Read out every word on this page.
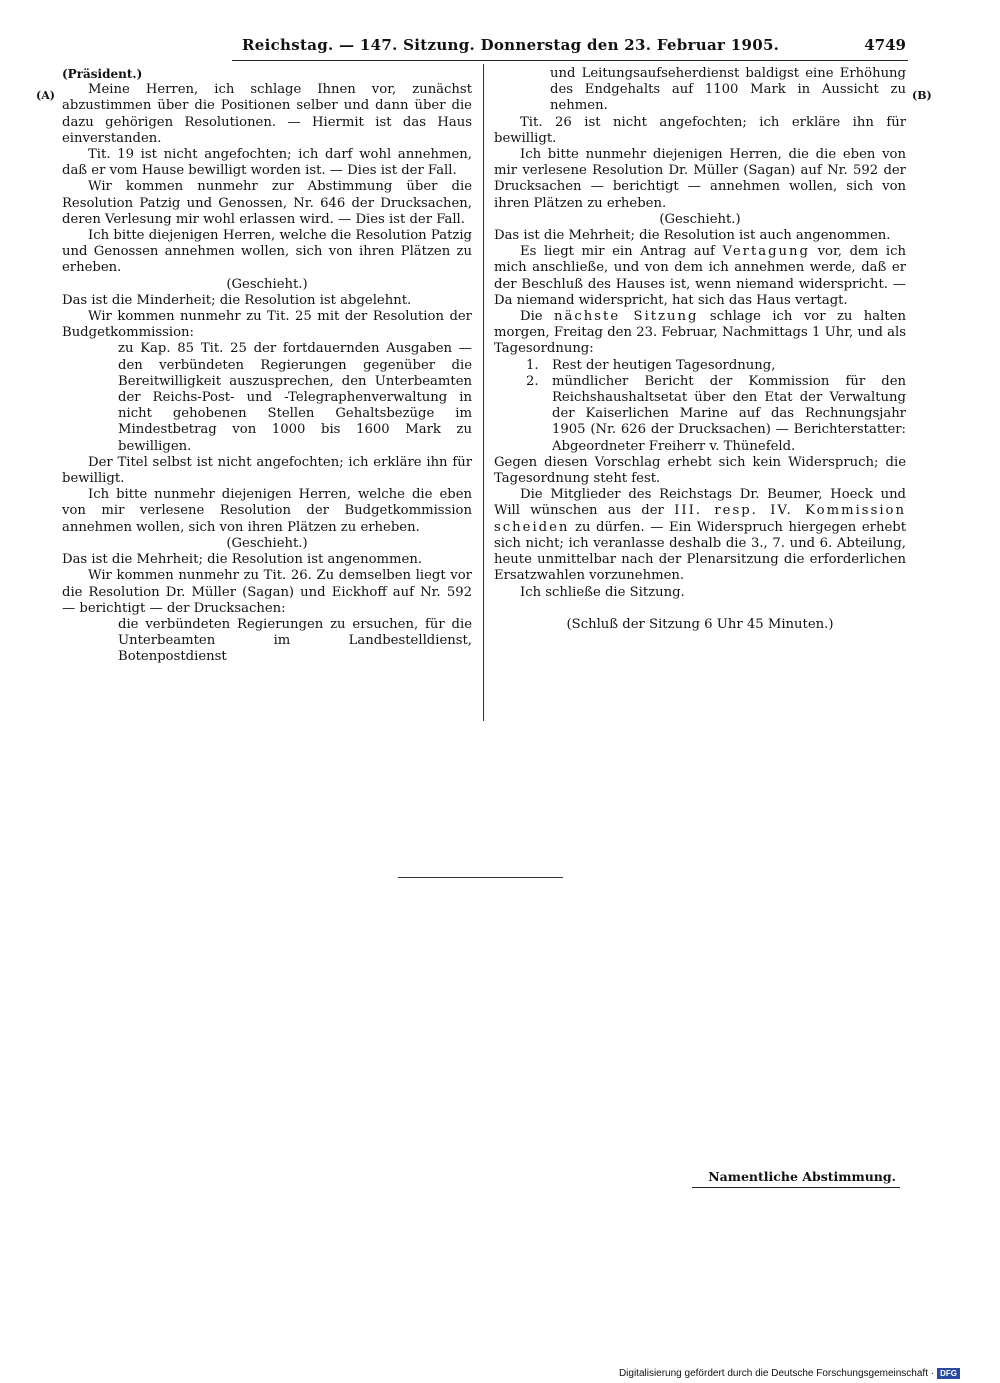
Reichstag. — 147. Sitzung. Donnerstag den 23. Februar 1905.	4749
(A)	(B)

(Präsident.)

Meine Herren, ich schlage Ihnen vor, zunächst abzustimmen über die Positionen selber und dann über die dazu gehörigen Resolutionen. — Hiermit ist das Haus einverstanden.

Tit. 19 ist nicht angefochten; ich darf wohl annehmen, daß er vom Hause bewilligt worden ist. — Dies ist der Fall.

Wir kommen nunmehr zur Abstimmung über die Resolution Patzig und Genossen, Nr. 646 der Drucksachen, deren Verlesung mir wohl erlassen wird. — Dies ist der Fall.

Ich bitte diejenigen Herren, welche die Resolution Patzig und Genossen annehmen wollen, sich von ihren Plätzen zu erheben.

(Geschieht.)

Das ist die Minderheit; die Resolution ist abgelehnt.

Wir kommen nunmehr zu Tit. 25 mit der Resolution der Budgetkommission:

zu Kap. 85 Tit. 25 der fortdauernden Ausgaben — den verbündeten Regierungen gegenüber die Bereitwilligkeit auszusprechen, den Unterbeamten der Reichs-Post- und -Telegraphenverwaltung in nicht gehobenen Stellen Gehaltsbezüge im Mindestbetrag von 1000 bis 1600 Mark zu bewilligen.

Der Titel selbst ist nicht angefochten; ich erkläre ihn für bewilligt.

Ich bitte nunmehr diejenigen Herren, welche die eben von mir verlesene Resolution der Budgetkommission annehmen wollen, sich von ihren Plätzen zu erheben.

(Geschieht.)

Das ist die Mehrheit; die Resolution ist angenommen.

Wir kommen nunmehr zu Tit. 26. Zu demselben liegt vor die Resolution Dr. Müller (Sagan) und Eickhoff auf Nr. 592 — berichtigt — der Drucksachen:

die verbündeten Regierungen zu ersuchen, für die Unterbeamten im Landbestelldienst, Botenpostdienst

und Leitungsaufseherdienst baldigst eine Erhöhung des Endgehalts auf 1100 Mark in Aussicht zu nehmen.

Tit. 26 ist nicht angefochten; ich erkläre ihn für bewilligt.

Ich bitte nunmehr diejenigen Herren, die die eben von mir verlesene Resolution Dr. Müller (Sagan) auf Nr. 592 der Drucksachen — berichtigt — annehmen wollen, sich von ihren Plätzen zu erheben.

(Geschieht.)

Das ist die Mehrheit; die Resolution ist auch angenommen.

Es liegt mir ein Antrag auf Vertagung vor, dem ich mich anschließe, und von dem ich annehmen werde, daß er der Beschluß des Hauses ist, wenn niemand widerspricht. — Da niemand widerspricht, hat sich das Haus vertagt.

Die nächste Sitzung schlage ich vor zu halten morgen, Freitag den 23. Februar, Nachmittags 1 Uhr, und als Tagesordnung:

1.	Rest der heutigen Tagesordnung,
2.	mündlicher Bericht der Kommission für den Reichshaushaltsetat über den Etat der Verwaltung der Kaiserlichen Marine auf das Rechnungsjahr 1905 (Nr. 626 der Drucksachen) — Berichterstatter: Abgeordneter Freiherr v. Thünefeld.

Gegen diesen Vorschlag erhebt sich kein Widerspruch; die Tagesordnung steht fest.

Die Mitglieder des Reichstags Dr. Beumer, Hoeck und Will wünschen aus der III. resp. IV. Kommission scheiden zu dürfen. — Ein Widerspruch hiergegen erhebt sich nicht; ich veranlasse deshalb die 3., 7. und 6. Abteilung, heute unmittelbar nach der Plenarsitzung die erforderlichen Ersatzwahlen vorzunehmen.

Ich schließe die Sitzung.

(Schluß der Sitzung 6 Uhr 45 Minuten.)

Namentliche Abstimmung.
Digitalisierung gefördert durch die Deutsche Forschungsgemeinschaft · DFG
